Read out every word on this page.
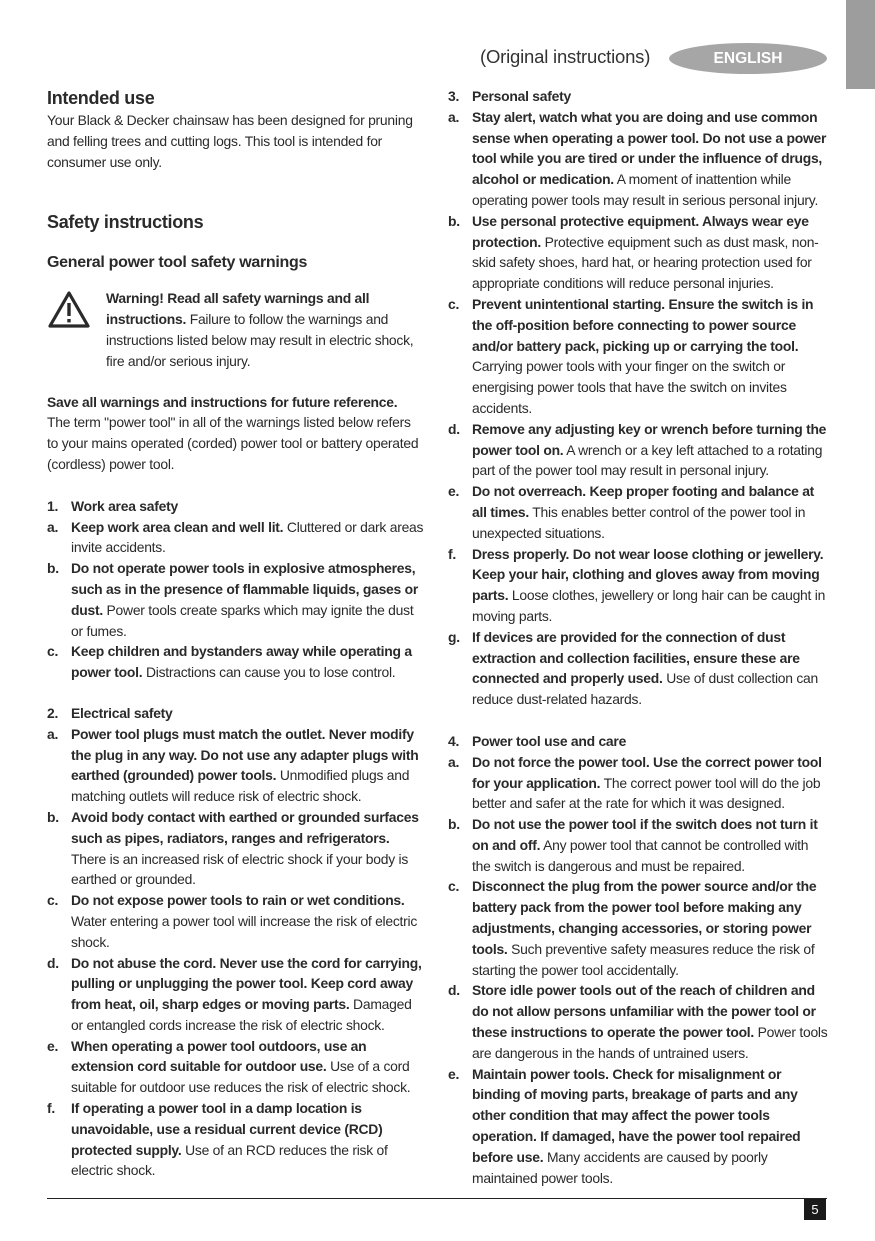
(Original instructions)	ENGLISH
Intended use

Your Black & Decker chainsaw has been designed for pruning and felling trees and cutting logs. This tool is intended for consumer use only.

Safety instructions
General power tool safety warnings

Warning! Read all safety warnings and all instructions. Failure to follow the warnings and instructions listed below may result in electric shock, fire and/or serious injury.

Save all warnings and instructions for future reference.
The term "power tool" in all of the warnings listed below refers to your mains operated (corded) power tool or battery operated (cordless) power tool.

1. Work area safety
a. Keep work area clean and well lit. Cluttered or dark areas invite accidents.

b. Do not operate power tools in explosive atmospheres, such as in the presence of flammable liquids, gases or dust. Power tools create sparks which may ignite the dust or fumes.

c. Keep children and bystanders away while operating a power tool. Distractions can cause you to lose control.

2. Electrical safety
a. Power tool plugs must match the outlet. Never modify the plug in any way. Do not use any adapter plugs with earthed (grounded) power tools. Unmodified plugs and matching outlets will reduce risk of electric shock.

b. Avoid body contact with earthed or grounded surfaces such as pipes, radiators, ranges and refrigerators. There is an increased risk of electric shock if your body is earthed or grounded.

c. Do not expose power tools to rain or wet conditions. Water entering a power tool will increase the risk of electric shock.

d. Do not abuse the cord. Never use the cord for carrying, pulling or unplugging the power tool. Keep cord away from heat, oil, sharp edges or moving parts. Damaged or entangled cords increase the risk of electric shock.

e. When operating a power tool outdoors, use an extension cord suitable for outdoor use. Use of a cord suitable for outdoor use reduces the risk of electric shock.

f.	If operating a power tool in a damp location is unavoidable, use a residual current device (RCD) protected supply. Use of an RCD reduces the risk of electric shock.

3. Personal safety
a. Stay alert, watch what you are doing and use common sense when operating a power tool. Do not use a power tool while you are tired or under the influence of drugs, alcohol or medication. A moment of inattention while operating power tools may result in serious personal injury.

b. Use personal protective equipment. Always wear eye protection. Protective equipment such as dust mask, non-skid safety shoes, hard hat, or hearing protection used for appropriate conditions will reduce personal injuries.

c. Prevent unintentional starting. Ensure the switch is in the off-position before connecting to power source and/or battery pack, picking up or carrying the tool. Carrying power tools with your finger on the switch or energising power tools that have the switch on invites accidents.

d. Remove any adjusting key or wrench before turning the power tool on. A wrench or a key left attached to a rotating part of the power tool may result in personal injury.

e. Do not overreach. Keep proper footing and balance at all times. This enables better control of the power tool in unexpected situations.

f.	Dress properly. Do not wear loose clothing or jewellery. Keep your hair, clothing and gloves away from moving parts. Loose clothes, jewellery or long hair can be caught in moving parts.

g. If devices are provided for the connection of dust extraction and collection facilities, ensure these are connected and properly used. Use of dust collection can reduce dust-related hazards.

4. Power tool use and care
a. Do not force the power tool. Use the correct power tool for your application. The correct power tool will do the job better and safer at the rate for which it was designed.

b. Do not use the power tool if the switch does not turn it on and off. Any power tool that cannot be controlled with the switch is dangerous and must be repaired.

c. Disconnect the plug from the power source and/or the battery pack from the power tool before making any adjustments, changing accessories, or storing power tools. Such preventive safety measures reduce the risk of starting the power tool accidentally.

d. Store idle power tools out of the reach of children and do not allow persons unfamiliar with the power tool or these instructions to operate the power tool. Power tools are dangerous in the hands of untrained users.

e. Maintain power tools. Check for misalignment or binding of moving parts, breakage of parts and any other condition that may affect the power tools operation. If damaged, have the power tool repaired before use. Many accidents are caused by poorly maintained power tools.

5
